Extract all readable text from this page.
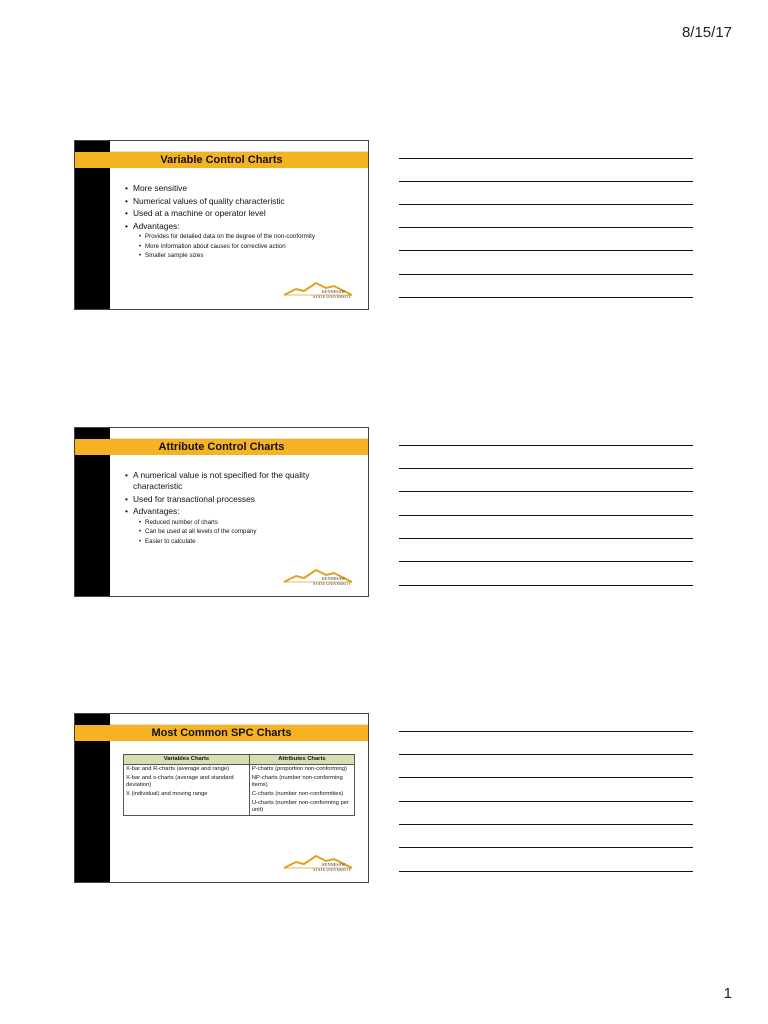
8/15/17
Variable Control Charts
• More sensitive
• Numerical values of quality characteristic
• Used at a machine or operator level
• Advantages:
• Provides for detailed data on the degree of the non-conformity
• More information about causes for corrective action
• Smaller sample sizes
KENNESAW
STATE UNIVERSITY
Attribute Control Charts
• A numerical value is not specified for the quality characteristic
• Used for transactional processes
• Advantages:
• Reduced number of charts
• Can be used at all levels of the company
• Easier to calculate
KENNESAW
STATE UNIVERSITY
Most Common SPC Charts
Variables Charts	Attributes Charts
X-bar and R-charts (average and range)	P-charts (proportion non-conforming)
X-bar and s-charts (average and standard deviation)	NP-charts (number non-conforming items)
X (individual) and moving range	C-charts (number non-conformities)
	U-charts (number non-conforming per unit)
KENNESAW
STATE UNIVERSITY
1
